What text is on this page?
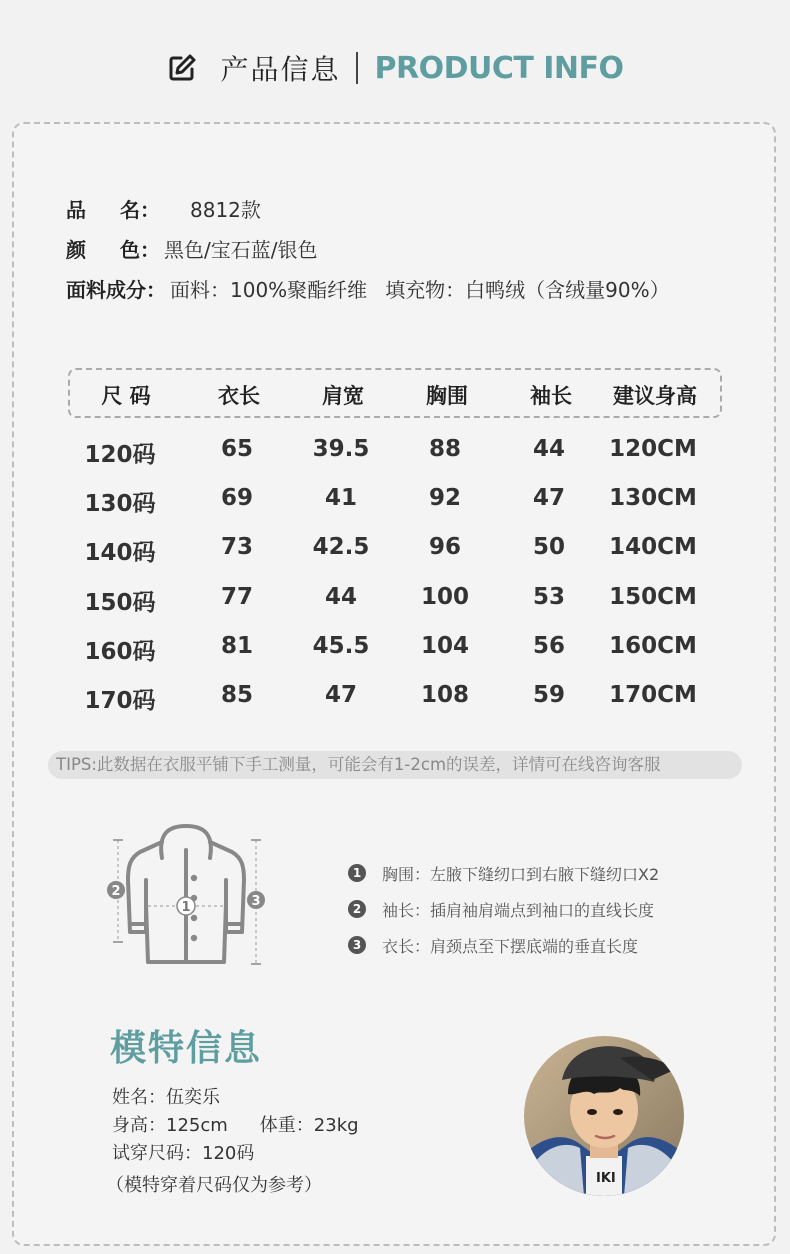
产品信息 PRODUCT INFO
品 名： 8812款
颜 色： 黑色/宝石蓝/银色
面料成分： 面料：100%聚酯纤维 填充物：白鸭绒（含绒量90%）
尺 码	衣长	肩宽	胸围	袖长 建议身高
120码	65	39.5	88	44 120CM
130码	69	41	92	47 130CM
140码	73	42.5	96	50 140CM
150码	77	44	100	53 150CM
160码	81	45.5 104	56 160CM
170码	85	47	108	59 170CM
TIPS:此数据在衣服平铺下手工测量，可能会有1-2cm的误差，详情可在线咨询客服
1
2
3
1	胸围：左腋下缝纫口到右腋下缝纫口X2
2	袖长：插肩袖肩端点到袖口的直线长度
3	衣长：肩颈点至下摆底端的垂直长度
模特信息
姓名：伍奕乐
身高：125cm 体重：23kg
试穿尺码：120码
（模特穿着尺码仅为参考）	IKI
